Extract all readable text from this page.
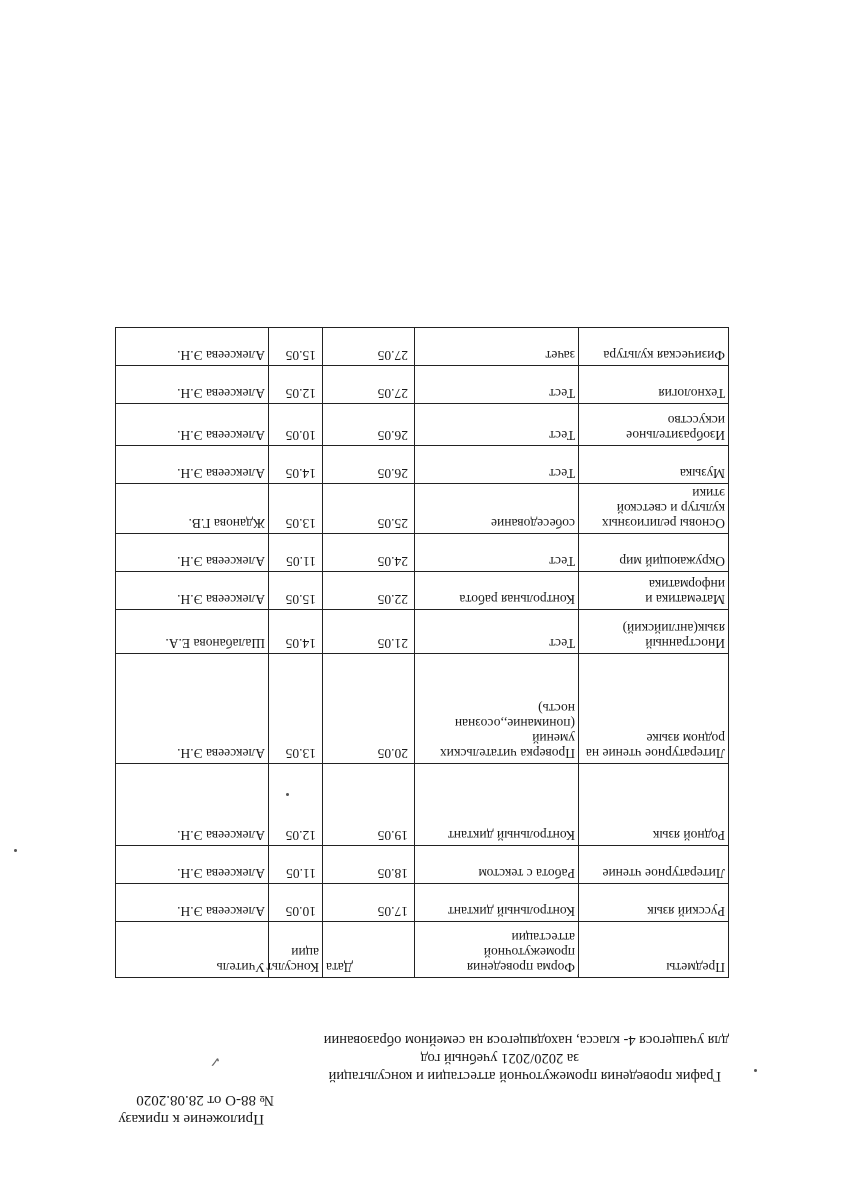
Приложение к приказу
№ 88-О от 28.08.2020
График проведения промежуточной аттестации и консультаций
за 2020/2021 учебный год
для учащегося 4- класса, находящегося на семейном образовании
✓
Предметы	Форма проведения промежуточной аттестации	Дата	Консульт ации	Учитель
Русский язык	Контрольный диктант	17.05	10.05	Алексеева Э.Н.
Литературное чтение	Работа с текстом	18.05	11.05	Алексеева Э.Н.
Родной язык	Контрольный диктант	19.05	12.05	Алексеева Э.Н.
Литературное чтение на родном языке	Проверка читательских умений (понимание,,осознан ность)	20.05	13.05	Алексеева Э.Н.
Иностранный язык(английский)	Тест	21.05	14.05	Шалабанова Е.А.
Математика и информатика	Контрольная работа	22.05	15.05	Алексеева Э.Н.
Окружающий мир	Тест	24.05	11.05	Алексеева Э.Н.
Основы религиозных культур и светской этики	собеседование	25.05	13.05	Жданова Г.В.
Музыка	Тест	26.05	14.05	Алексеева Э.Н.
Изобразительное искусство	Тест	26.05	10.05	Алексеева Э.Н.
Технология	Тест	27.05	12.05	Алексеева Э.Н.
Физическая культура	зачет	27.05	15.05	Алексеева Э.Н.
